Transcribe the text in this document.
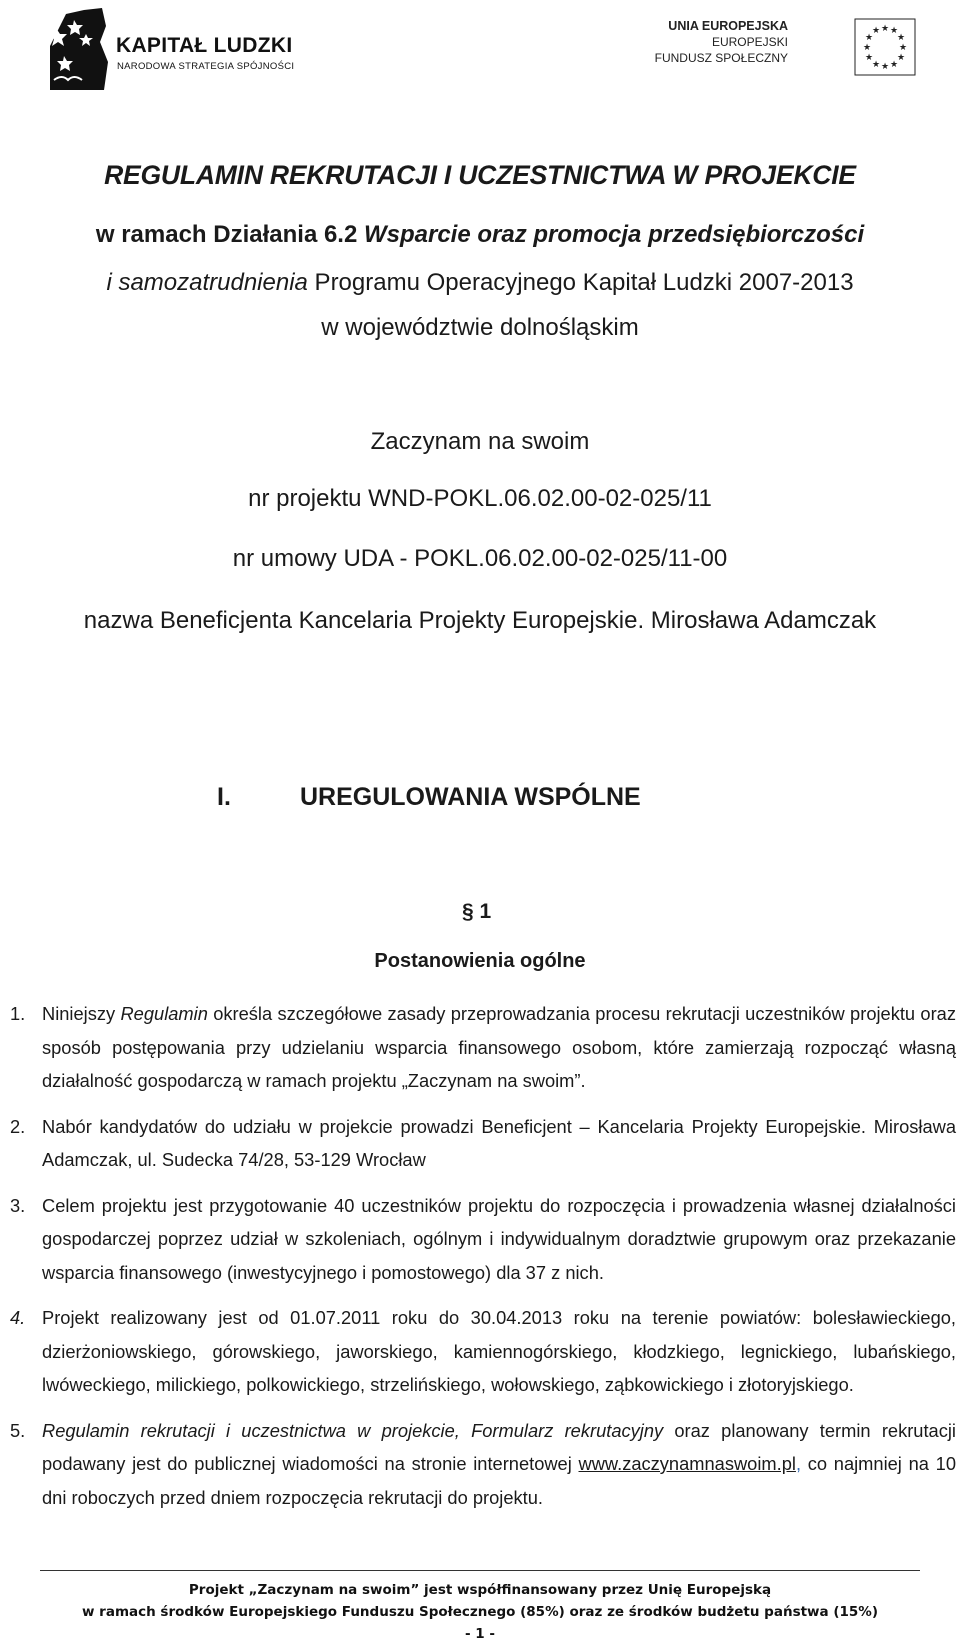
KAPITAŁ LUDZKI
NARODOWA STRATEGIA SPÓJNOŚCI
UNIA EUROPEJSKA
EUROPEJSKI
FUNDUSZ SPOŁECZNY
★ ★
★
★
★
★
★
★
★
★
★
★
REGULAMIN REKRUTACJI I UCZESTNICTWA W PROJEKCIE
w ramach Działania 6.2 Wsparcie oraz promocja przedsiębiorczości
i samozatrudnienia Programu Operacyjnego Kapitał Ludzki 2007-2013
w województwie dolnośląskim
Zaczynam na swoim
nr projektu WND-POKL.06.02.00-02-025/11
nr umowy UDA - POKL.06.02.00-02-025/11-00
nazwa Beneficjenta Kancelaria Projekty Europejskie. Mirosława Adamczak
I.	UREGULOWANIA WSPÓLNE
§ 1
Postanowienia ogólne
1. Niniejszy Regulamin określa szczegółowe zasady przeprowadzania procesu rekrutacji uczestników projektu oraz sposób postępowania przy udzielaniu wsparcia finansowego osobom, które zamierzają rozpocząć własną działalność gospodarczą w ramach projektu „Zaczynam na swoim”.
2. Nabór kandydatów do udziału w projekcie prowadzi Beneficjent – Kancelaria Projekty Europejskie. Mirosława Adamczak, ul. Sudecka 74/28, 53-129 Wrocław
3. Celem projektu jest przygotowanie 40 uczestników projektu do rozpoczęcia i prowadzenia własnej działalności gospodarczej poprzez udział w szkoleniach, ogólnym i indywidualnym doradztwie grupowym oraz przekazanie wsparcia finansowego (inwestycyjnego i pomostowego) dla 37 z nich.
4. Projekt realizowany jest od 01.07.2011 roku do 30.04.2013 roku na terenie powiatów: bolesławieckiego, dzierżoniowskiego, górowskiego, jaworskiego, kamiennogórskiego, kłodzkiego, legnickiego, lubańskiego, lwóweckiego, milickiego, polkowickiego, strzelińskiego, wołowskiego, ząbkowickiego i złotoryjskiego.
5. Regulamin rekrutacji i uczestnictwa w projekcie, Formularz rekrutacyjny oraz planowany termin rekrutacji podawany jest do publicznej wiadomości na stronie internetowej www.zaczynamnaswoim.pl, co najmniej na 10 dni roboczych przed dniem rozpoczęcia rekrutacji do projektu.
Projekt „Zaczynam na swoim” jest współfinansowany przez Unię Europejską
w ramach środków Europejskiego Funduszu Społecznego (85%) oraz ze środków budżetu państwa (15%)
- 1 -
